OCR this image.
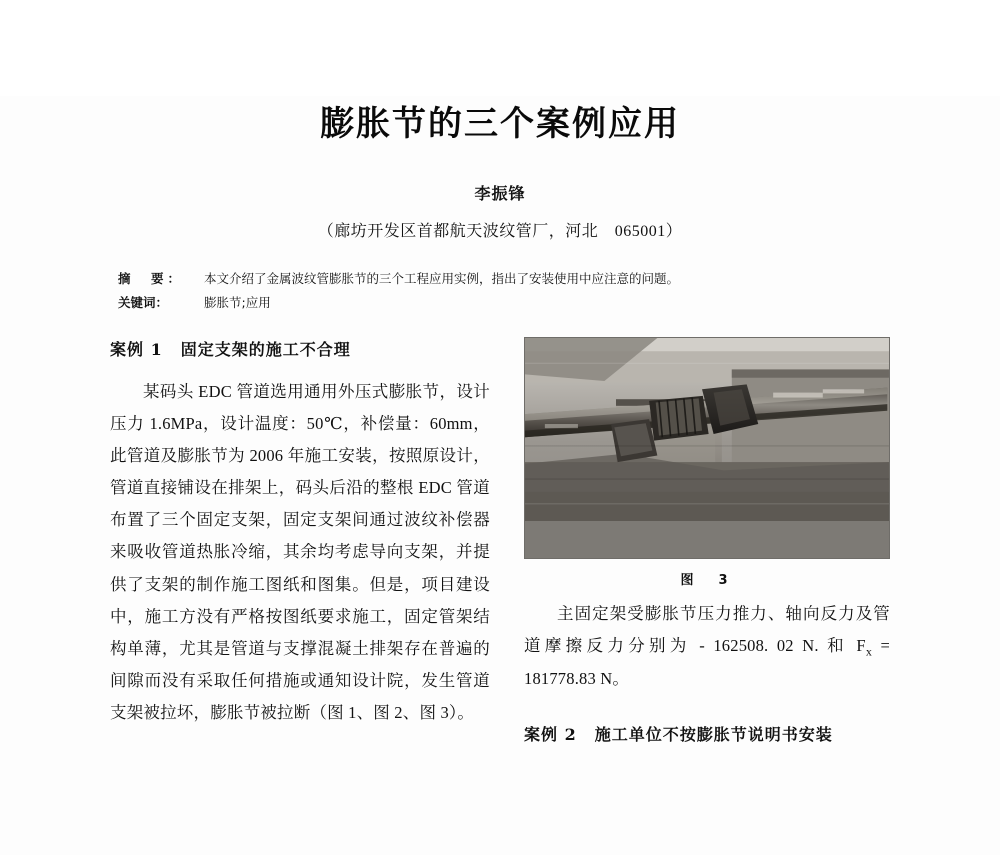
膨胀节的三个案例应用
李振锋
（廊坊开发区首都航天波纹管厂，河北　065001）
摘　要：	本文介绍了金属波纹管膨胀节的三个工程应用实例，指出了安装使用中应注意的问题。
关键词：	膨胀节;应用
案例 1 固定支架的施工不合理
某码头 EDC 管道选用通用外压式膨胀节，设计压力 1.6MPa，设计温度：50℃，补偿量：60mm，此管道及膨胀节为 2006 年施工安装，按照原设计，管道直接铺设在排架上，码头后沿的整根 EDC 管道布置了三个固定支架，固定支架间通过波纹补偿器来吸收管道热胀冷缩，其余均考虑导向支架，并提供了支架的制作施工图纸和图集。但是，项目建设中，施工方没有严格按图纸要求施工，固定管架结构单薄，尤其是管道与支撑混凝土排架存在普遍的间隙而没有采取任何措施或通知设计院，发生管道支架被拉坏，膨胀节被拉断（图 1、图 2、图 3）。
图　3
主固定架受膨胀节压力推力、轴向反力及管道摩擦反力分别为 - 162508. 02 N. 和 $F_x = 181778.83$ N。
案例 2 施工单位不按膨胀节说明书安装
